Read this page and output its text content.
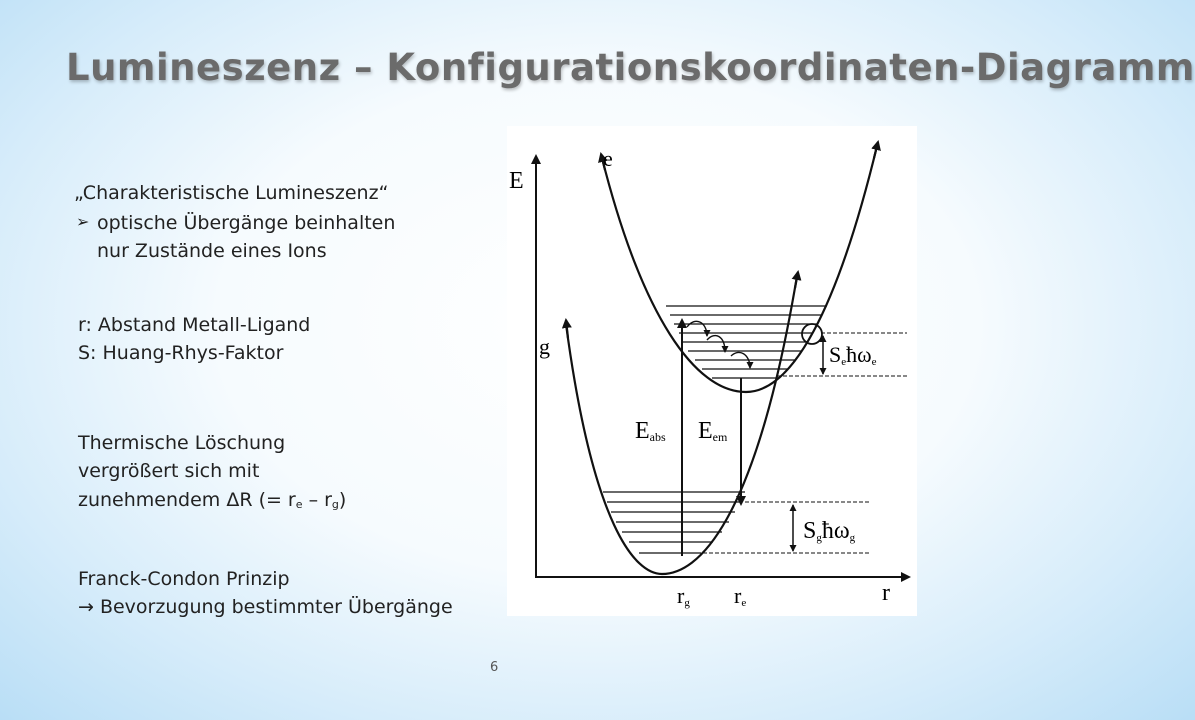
Lumineszenz – Konfigurationskoordinaten-Diagramm
„Charakteristische Lumineszenz“
➢ optische Übergänge beinhalten
nur Zustände eines Ions
r: Abstand Metall-Ligand
S: Huang-Rhys-Faktor
Thermische Löschung
vergrößert sich mit
zunehmendem ΔR (= re – rg)
Franck-Condon Prinzip
→ Bevorzugung bestimmter Übergänge
E
r
g
e
Eabs Eem
Seħωe
Sgħωg
rg re
6
